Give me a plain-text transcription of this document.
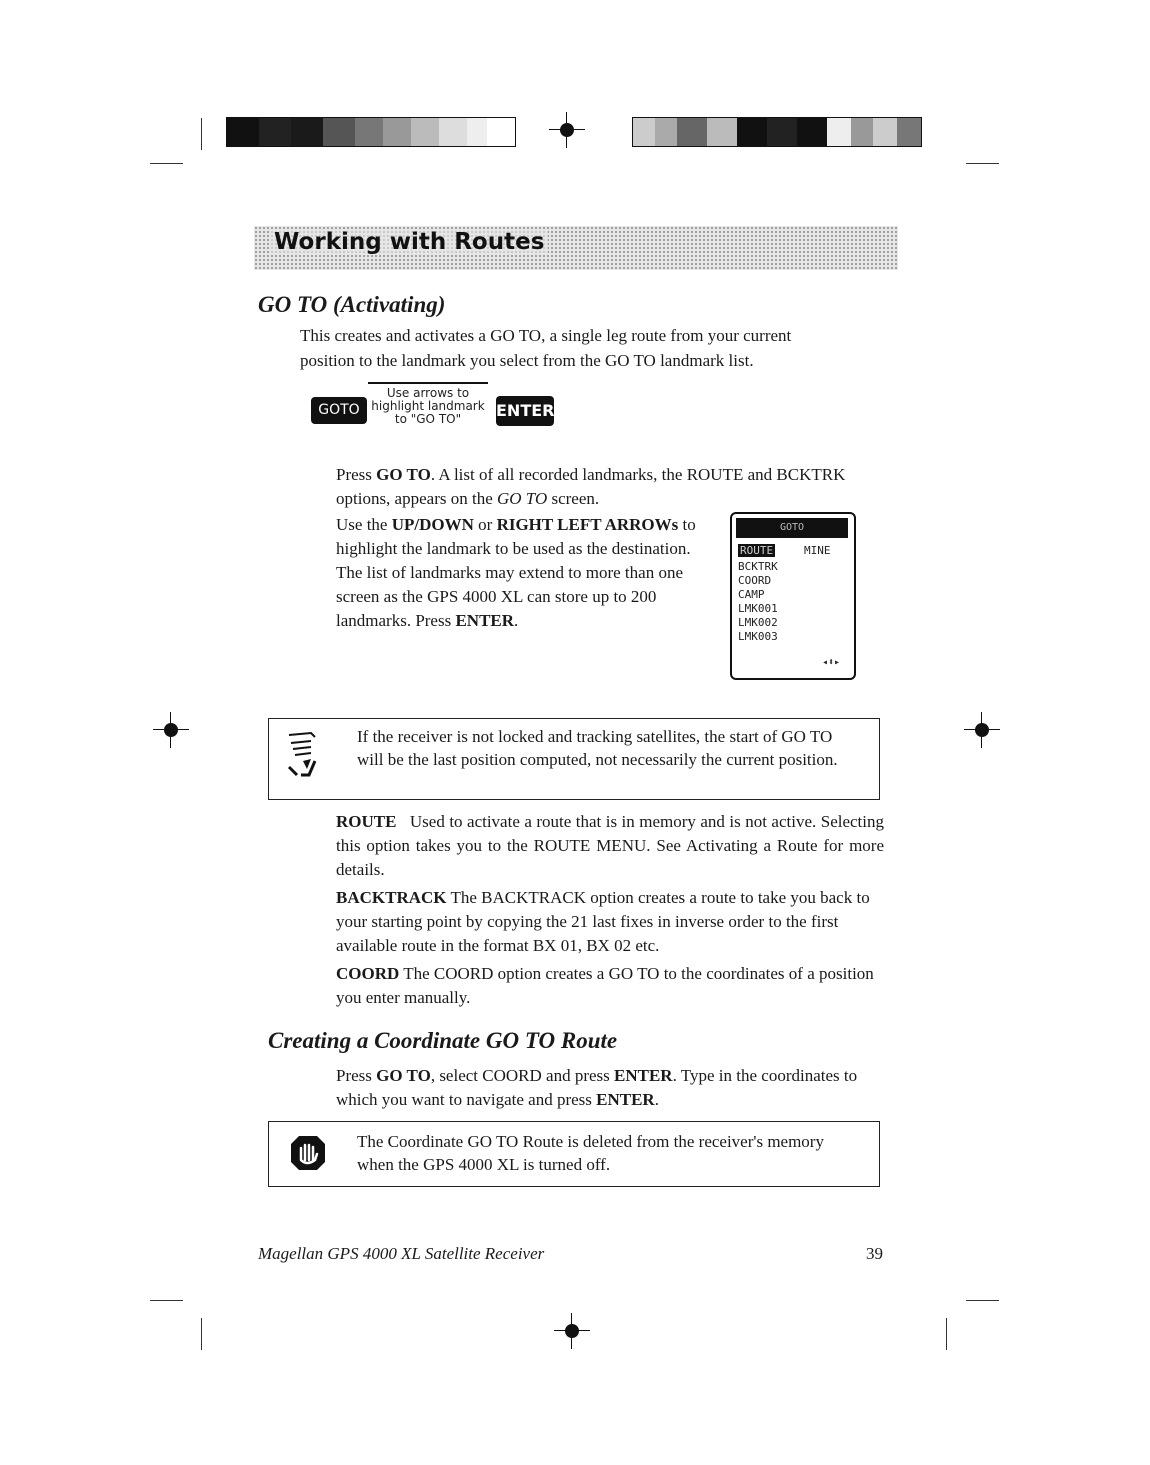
Working with Routes
GO TO (Activating)

This creates and activates a GO TO, a single leg route from your current

position to the landmark you select from the GO TO landmark list.

GOTO
Use arrows to
highlight landmark
to "GO TO"	ENTER

Press GO TO. A list of all recorded landmarks, the ROUTE and BCKTRK options, appears on the GO TO screen.

Use the UP/DOWN or RIGHT LEFT ARROWs to highlight the landmark to be used as the destination. The list of landmarks may extend to more than one screen as the GPS 4000 XL can store up to 200 landmarks. Press ENTER.

GOTO
ROUTE	MINE
BCKTRK
COORD
CAMP
LMK001
LMK002
LMK003
◂⬍▸

If the receiver is not locked and tracking satellites, the start of GO TO will be the last position computed, not necessarily the current position.

ROUTE Used to activate a route that is in memory and is not active. Selecting this option takes you to the ROUTE MENU. See Activating a Route for more details.

BACKTRACK The BACKTRACK option creates a route to take you back to your starting point by copying the 21 last fixes in inverse order to the first available route in the format BX 01, BX 02 etc.

COORD The COORD option creates a GO TO to the coordinates of a position you enter manually.

Creating a Coordinate GO TO Route

Press GO TO, select COORD and press ENTER. Type in the coordinates to which you want to navigate and press ENTER.

The Coordinate GO TO Route is deleted from the receiver's memory when the GPS 4000 XL is turned off.

Magellan GPS 4000 XL Satellite Receiver	39
